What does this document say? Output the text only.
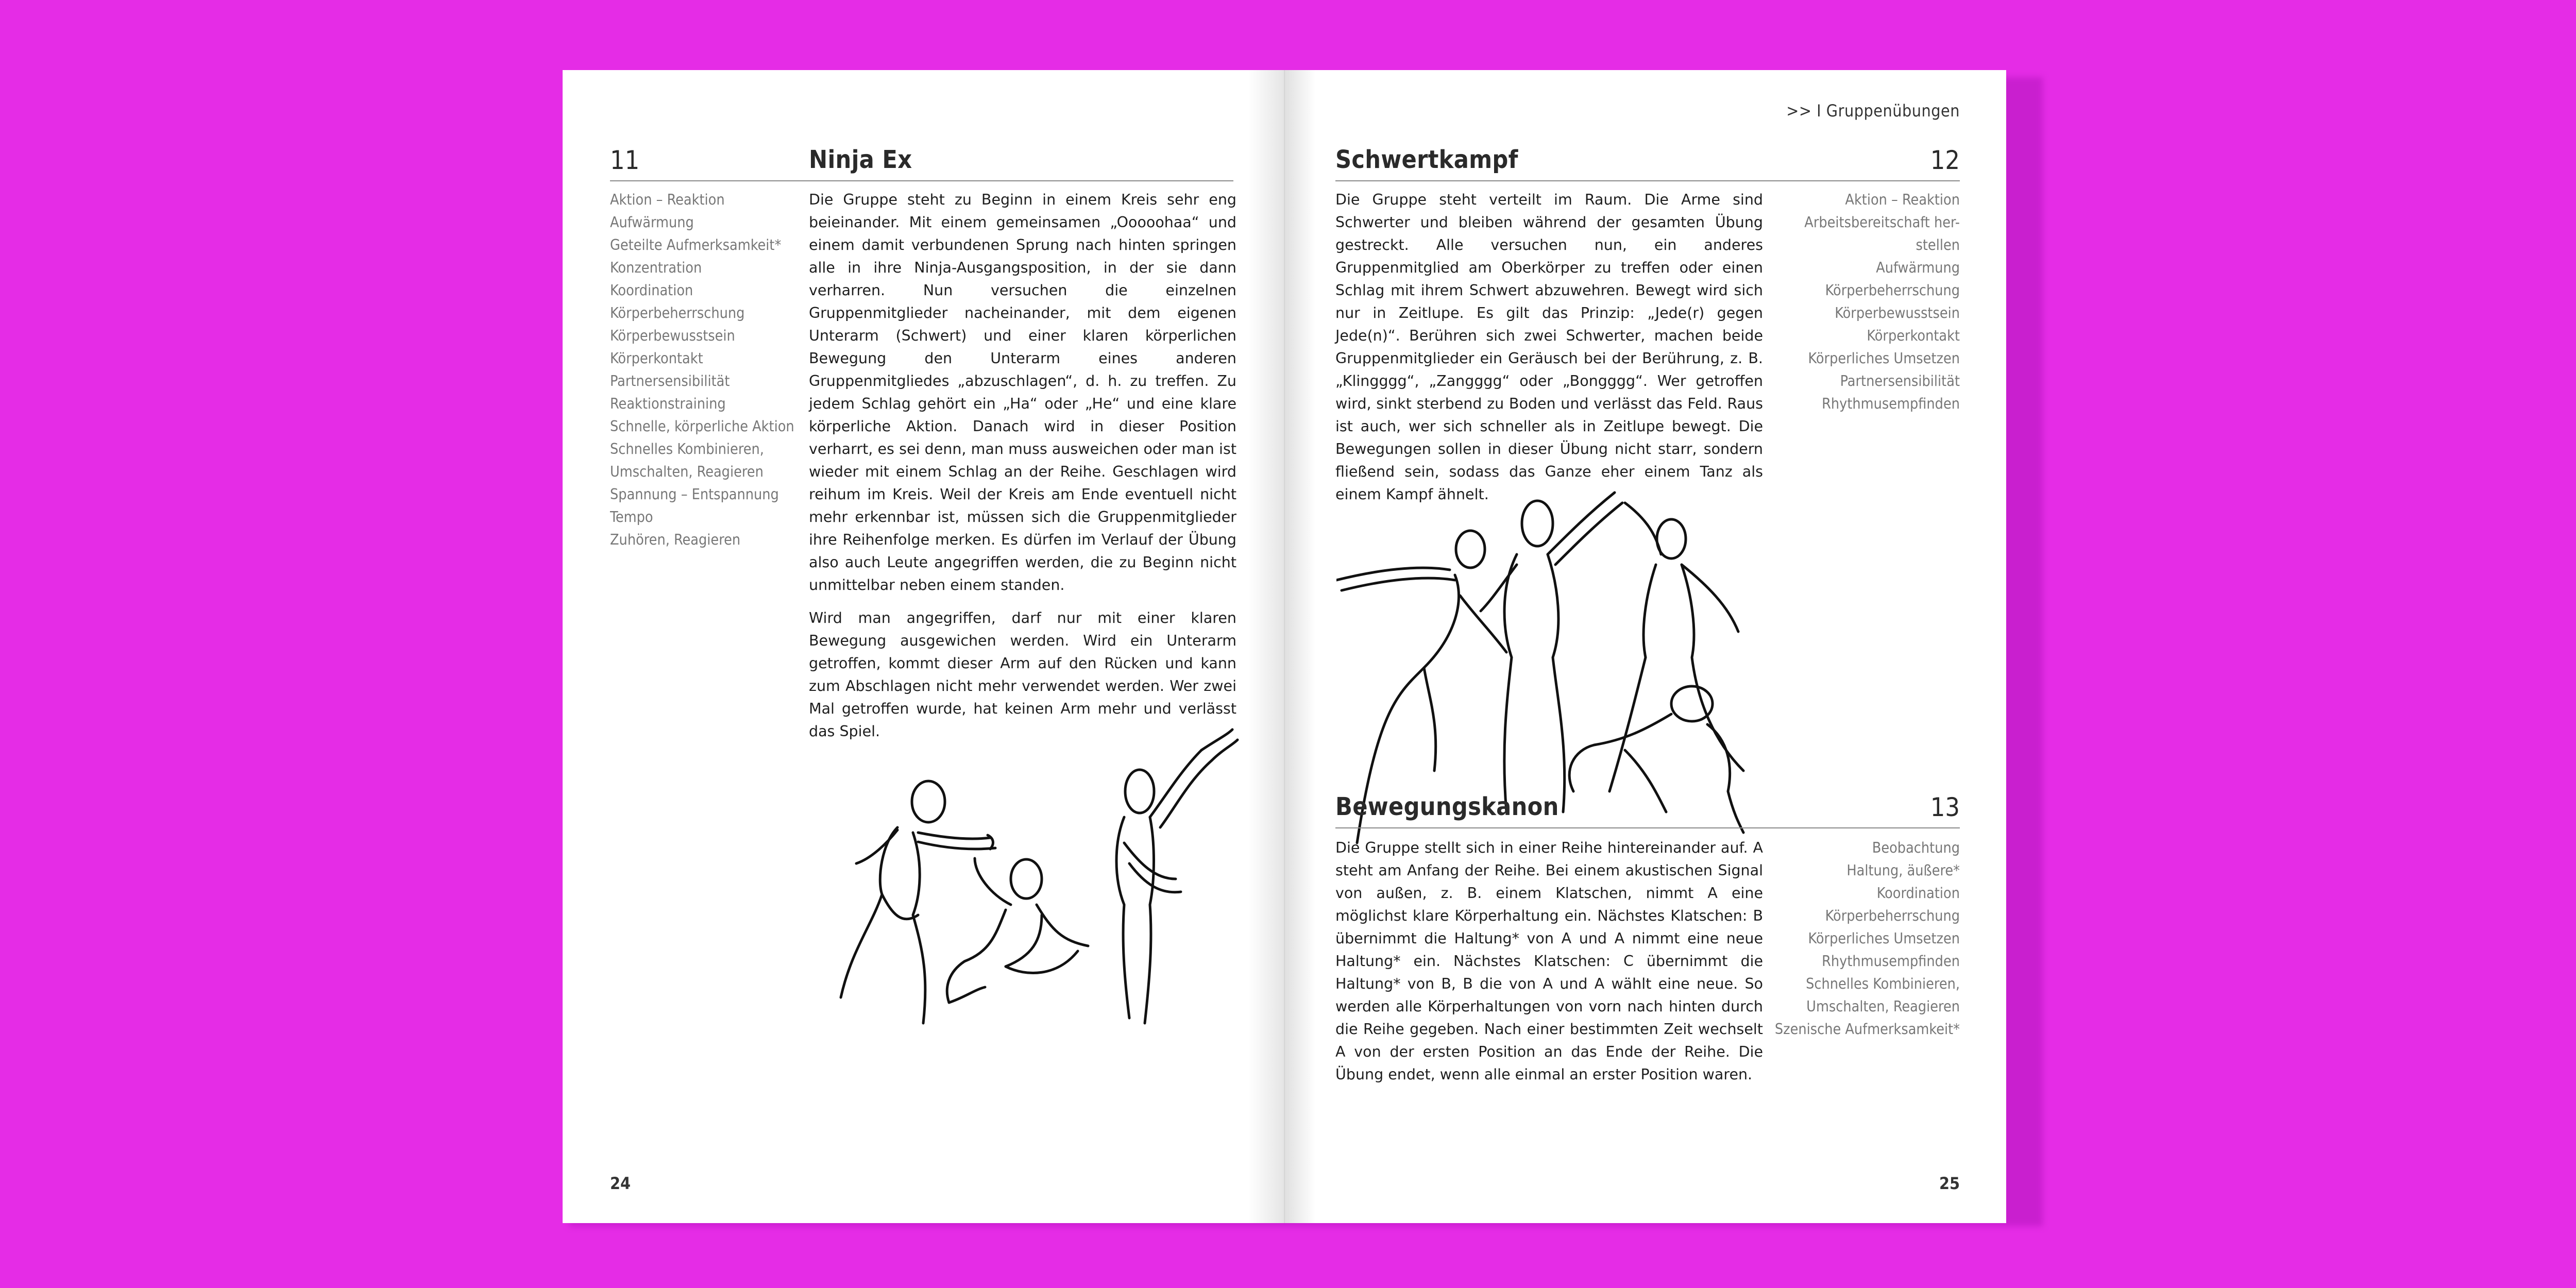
11	Ninja Ex
Aktion – Reaktion
Aufwärmung
Geteilte Aufmerksamkeit*
Konzentration
Koordination
Körperbeherrschung
Körperbewusstsein
Körperkontakt
Partnersensibilität
Reaktionstraining
Schnelle, körperliche Aktion
Schnelles Kombinieren,
Umschalten, Reagieren
Spannung – Entspannung
Tempo
Zuhören, Reagieren

Die Gruppe steht zu Beginn in einem Kreis sehr eng beieinander. Mit einem gemeinsamen „Ooooohaa“ und einem damit verbundenen Sprung nach hinten springen alle in ihre Ninja-Ausgangsposition, in der sie dann verharren. Nun versuchen die einzelnen Gruppenmitglieder nacheinander, mit dem eigenen Unterarm (Schwert) und einer klaren körperlichen Bewegung den Unterarm eines anderen Gruppenmitgliedes „abzuschlagen“, d. h. zu treffen. Zu jedem Schlag gehört ein „Ha“ oder „He“ und eine klare körperliche Aktion. Danach wird in dieser Position verharrt, es sei denn, man muss ausweichen oder man ist wieder mit einem Schlag an der Reihe. Geschlagen wird reihum im Kreis. Weil der Kreis am Ende eventuell nicht mehr erkennbar ist, müssen sich die Gruppenmitglieder ihre Reihenfolge merken. Es dürfen im Verlauf der Übung also auch Leute angegriffen werden, die zu Beginn nicht unmittelbar neben einem standen.

Wird man angegriffen, darf nur mit einer klaren Bewegung ausgewichen werden. Wird ein Unterarm getroffen, kommt dieser Arm auf den Rücken und kann zum Abschlagen nicht mehr verwendet werden. Wer zwei Mal getroffen wurde, hat keinen Arm mehr und verlässt das Spiel.

24
>> I Gruppenübungen
Schwertkampf	12

Die Gruppe steht verteilt im Raum. Die Arme sind Schwerter und bleiben während der gesamten Übung gestreckt. Alle versuchen nun, ein anderes Gruppenmitglied am Oberkörper zu treffen oder einen Schlag mit ihrem Schwert abzuwehren. Bewegt wird sich nur in Zeitlupe. Es gilt das Prinzip: „Jede(r) gegen Jede(n)“. Berühren sich zwei Schwerter, machen beide Gruppenmitglieder ein Geräusch bei der Berührung, z. B. „Klingggg“, „Zangggg“ oder „Bongggg“. Wer getroffen wird, sinkt sterbend zu Boden und verlässt das Feld. Raus ist auch, wer sich schneller als in Zeitlupe bewegt. Die Bewegungen sollen in dieser Übung nicht starr, sondern fließend sein, sodass das Ganze eher einem Tanz als einem Kampf ähnelt.

Aktion – Reaktion
Arbeitsbereitschaft her-
stellen
Aufwärmung
Körperbeherrschung
Körperbewusstsein
Körperkontakt
Körperliches Umsetzen
Partnersensibilität
Rhythmusempfinden
Bewegungskanon	13

Die Gruppe stellt sich in einer Reihe hintereinander auf. A steht am Anfang der Reihe. Bei einem akustischen Signal von außen, z. B. einem Klatschen, nimmt A eine möglichst klare Körperhaltung ein. Nächstes Klatschen: B übernimmt die Haltung* von A und A nimmt eine neue Haltung* ein. Nächstes Klatschen: C übernimmt die Haltung* von B, B die von A und A wählt eine neue. So werden alle Körperhaltungen von vorn nach hinten durch die Reihe gegeben. Nach einer bestimmten Zeit wechselt A von der ersten Position an das Ende der Reihe. Die Übung endet, wenn alle einmal an erster Position waren.

Beobachtung
Haltung, äußere*
Koordination
Körperbeherrschung
Körperliches Umsetzen
Rhythmusempfinden
Schnelles Kombinieren,
Umschalten, Reagieren
Szenische Aufmerksamkeit*
25
